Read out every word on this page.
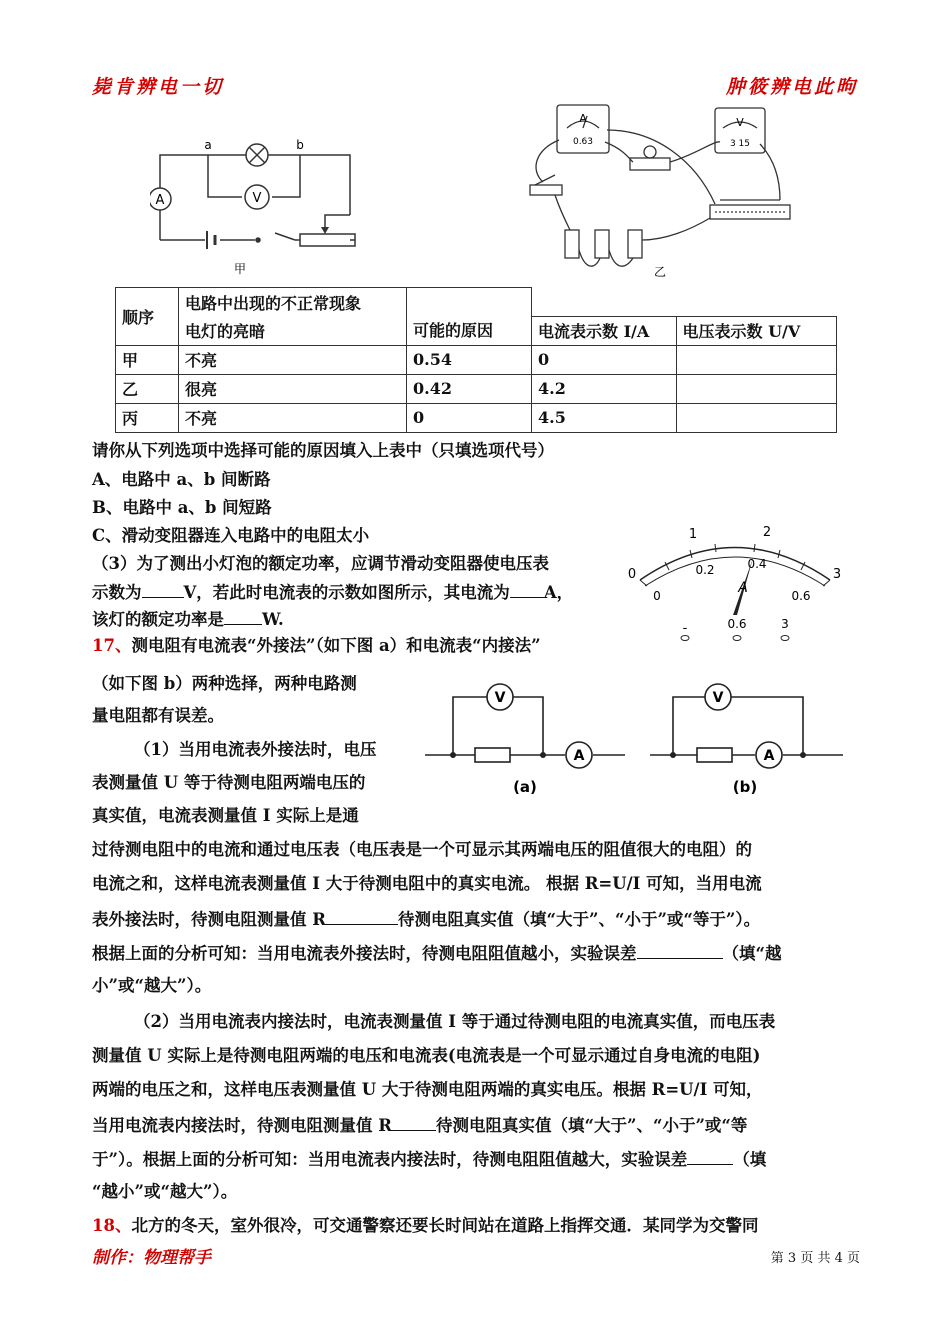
毙肯辨电一切	肿筱辨电此昫
A	V
a	b
甲
A
0.63
V
3 15
乙
顺序	电路中出现的不正常现象	可能的原因		
	电灯的亮暗		电流表示数 I/A	电压表示数 U/V
甲	不亮	0.54	0	
乙	很亮	0.42	4.2	
丙	不亮	0	4.5	
请你从下列选项中选择可能的原因填入上表中（只填选项代号）
A、电路中 a、b 间断路
B、电路中 a、b 间短路
C、滑动变阻器连入电路中的电阻太小
（3）为了测出小灯泡的额定功率，应调节滑动变阻器使电压表
示数为	V，若此时电流表的示数如图所示，其电流为 A，
该灯的额定功率是 W.
1	2
3
0
0
0.2	0.4
0.6
A
-	0.6	3
17、测电阻有电流表“外接法”（如下图 a）和电流表“内接法”
（如下图 b）两种选择，两种电路测
量电阻都有误差。
（1）当用电流表外接法时，电压
表测量值 U 等于待测电阻两端电压的
真实值，电流表测量值 I 实际上是通
过待测电阻中的电流和通过电压表（电压表是一个可显示其两端电压的阻值很大的电阻）的
电流之和，这样电流表测量值 I 大于待测电阻中的真实电流。 根据 R=U/I 可知，当用电流
表外接法时，待测电阻测量值 R	待测电阻真实值（填“大于”、“小于”或“等于”）。
根据上面的分析可知：当用电流表外接法时，待测电阻阻值越小，实验误差	（填“越
小”或“越大”）。
（2）当用电流表内接法时，电流表测量值 I 等于通过待测电阻的电流真实值，而电压表
测量值 U 实际上是待测电阻两端的电压和电流表(电流表是一个可显示通过自身电流的电阻)
两端的电压之和，这样电压表测量值 U 大于待测电阻两端的真实电压。根据 R=U/I 可知，
当用电流表内接法时，待测电阻测量值 R	待测电阻真实值（填“大于”、“小于”或“等
于”）。根据上面的分析可知：当用电流表内接法时，待测电阻阻值越大，实验误差	（填
“越小”或“越大”）。
V
A
V
A
(a)	(b)
18、北方的冬天，室外很冷，可交通警察还要长时间站在道路上指挥交通．某同学为交警同
制作：物理帮手	第 3 页 共 4 页
